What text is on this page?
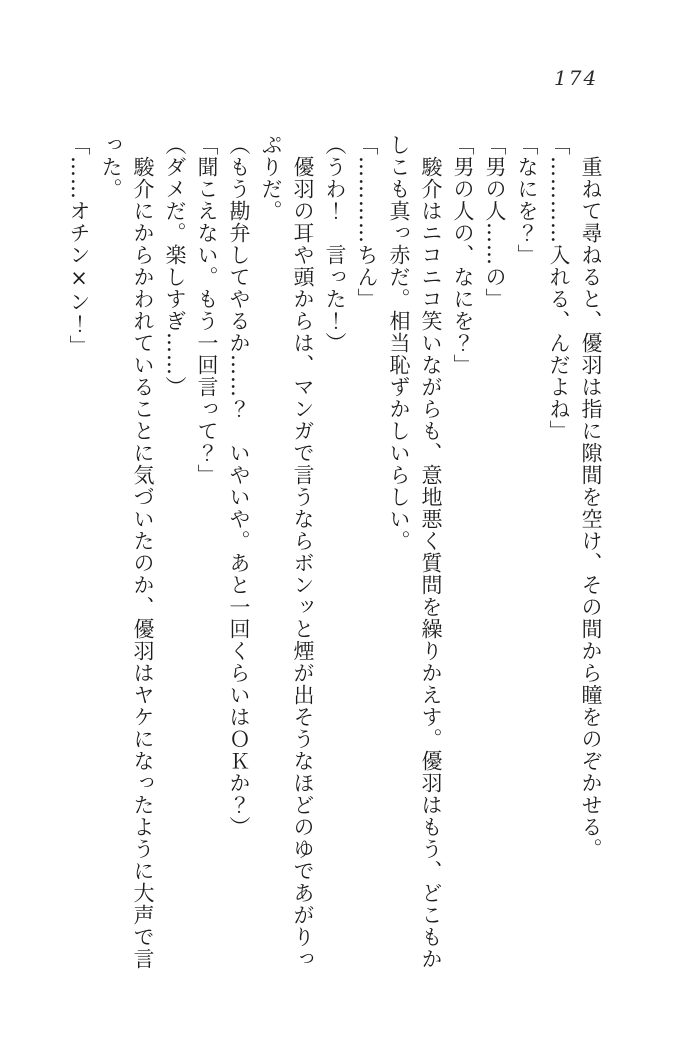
174

　重ねて尋ねると、優羽は指に隙間を空け、その間から瞳をのぞかせる。

「…………入れる、んだよね」

「なにを？」

「男の人……の」

「男の人の、なにを？」

　駿介はニコニコ笑いながらも、意地悪く質問を繰りかえす。優羽はもう、どこもか

しこも真っ赤だ。相当恥ずかしいらしい。

「…………ちん」

（うわ！　言った！）

　優羽の耳や頭からは、マンガで言うならボンッと煙が出そうなほどのゆであがりっ

ぷりだ。

（もう勘弁してやるか……？　いやいや。あと一回くらいはＯＫか？）

「聞こえない。もう一回言って？」

（ダメだ。楽しすぎ……）

　駿介にからかわれていることに気づいたのか、優羽はヤケになったように大声で言

った。

「……オチン×ン！」
